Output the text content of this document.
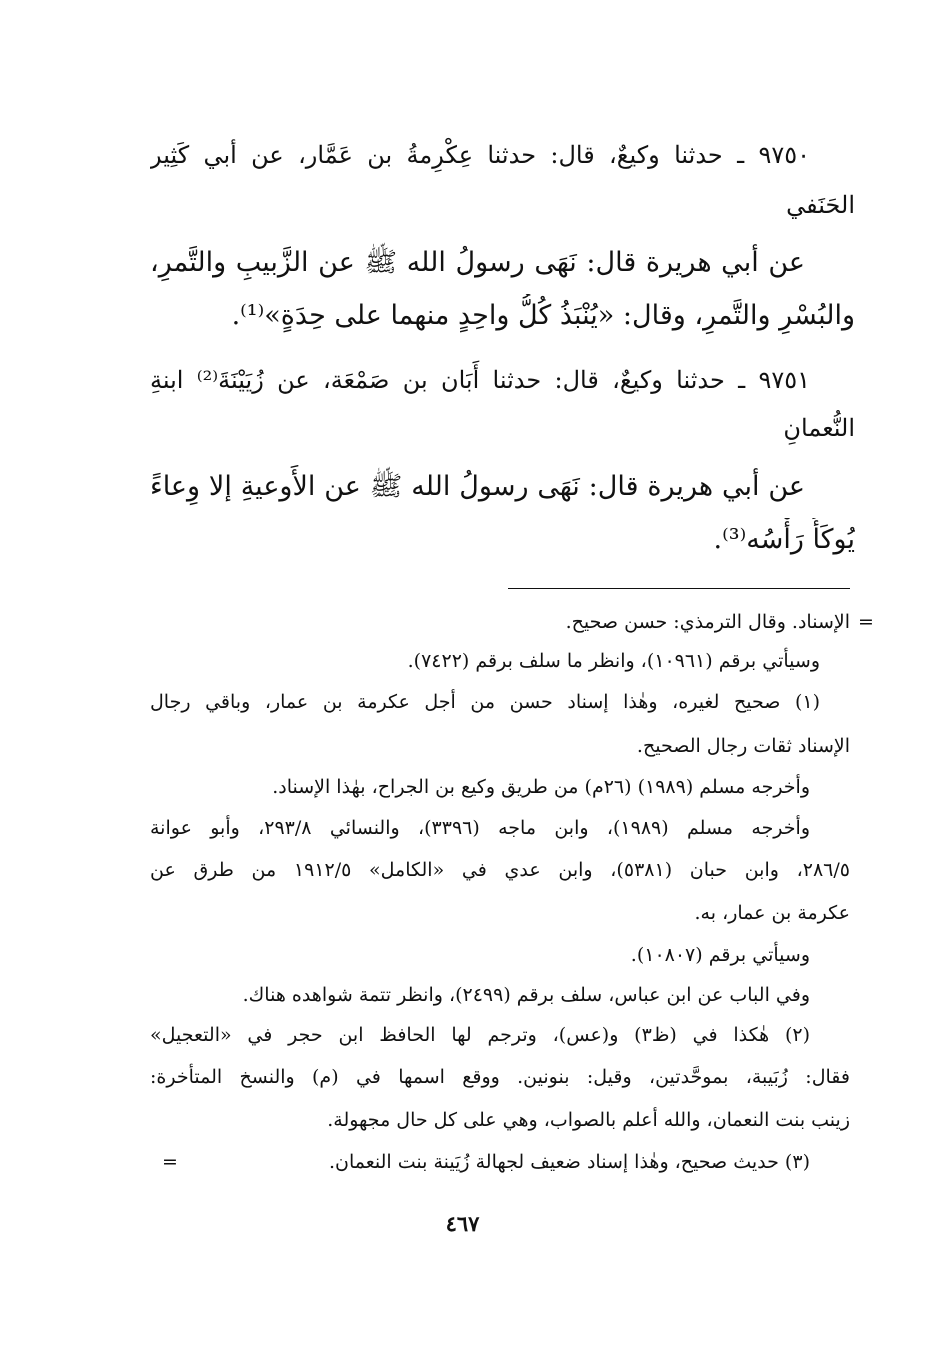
٩٧٥٠ ـ حدثنا وكيعٌ، قال: حدثنا عِكْرِمةُ بن عَمَّار، عن أبي كَثِير
الحَنَفي
عن أبي هريرة قال: نَهَى رسولُ الله ﷺ عن الزَّبيبِ والتَّمرِ،
والبُسْرِ والتَّمرِ، وقال: «يُنْبَذُ كُلُّ واحِدٍ منهما على حِدَةٍ»⁽¹⁾.
٩٧٥١ ـ حدثنا وكيعٌ، قال: حدثنا أَبَان بن صَمْعَة، عن زُيَيْنَةَ⁽²⁾ ابنةِ
النُّعمانِ
عن أبي هريرة قال: نَهَى رسولُ الله ﷺ عن الأَوعيةِ إلا وِعاءً
يُوكَأُ رَأْسُه⁽³⁾.
=
الإسناد. وقال الترمذي: حسن صحيح.
وسيأتي برقم (١٠٩٦١)، وانظر ما سلف برقم (٧٤٢٢).
(١) صحيح لغيره، وهٰذا إسناد حسن من أجل عكرمة بن عمار، وباقي رجال
الإسناد ثقات رجال الصحيح.
وأخرجه مسلم (١٩٨٩) (٢٦م) من طريق وكيع بن الجراح، بهٰذا الإسناد.
وأخرجه مسلم (١٩٨٩)، وابن ماجه (٣٣٩٦)، والنسائي ٢٩٣/٨، وأبو عوانة
٢٨٦/٥، وابن حبان (٥٣٨١)، وابن عدي في «الكامل» ١٩١٢/٥ من طرق عن
عكرمة بن عمار، به.
وسيأتي برقم (١٠٨٠٧).
وفي الباب عن ابن عباس، سلف برقم (٢٤٩٩)، وانظر تتمة شواهده هناك.
(٢) هٰكذا في (ظ٣) و(عس)، وترجم لها الحافظ ابن حجر في «التعجيل»
فقال: زُبَيبة، بموحَّدتين، وقيل: بنونين. ووقع اسمها في (م) والنسخ المتأخرة:
زينب بنت النعمان، والله أعلم بالصواب، وهي على كل حال مجهولة.
(٣) حديث صحيح، وهٰذا إسناد ضعيف لجهالة زُيَينة بنت النعمان.
=
٤٦٧
